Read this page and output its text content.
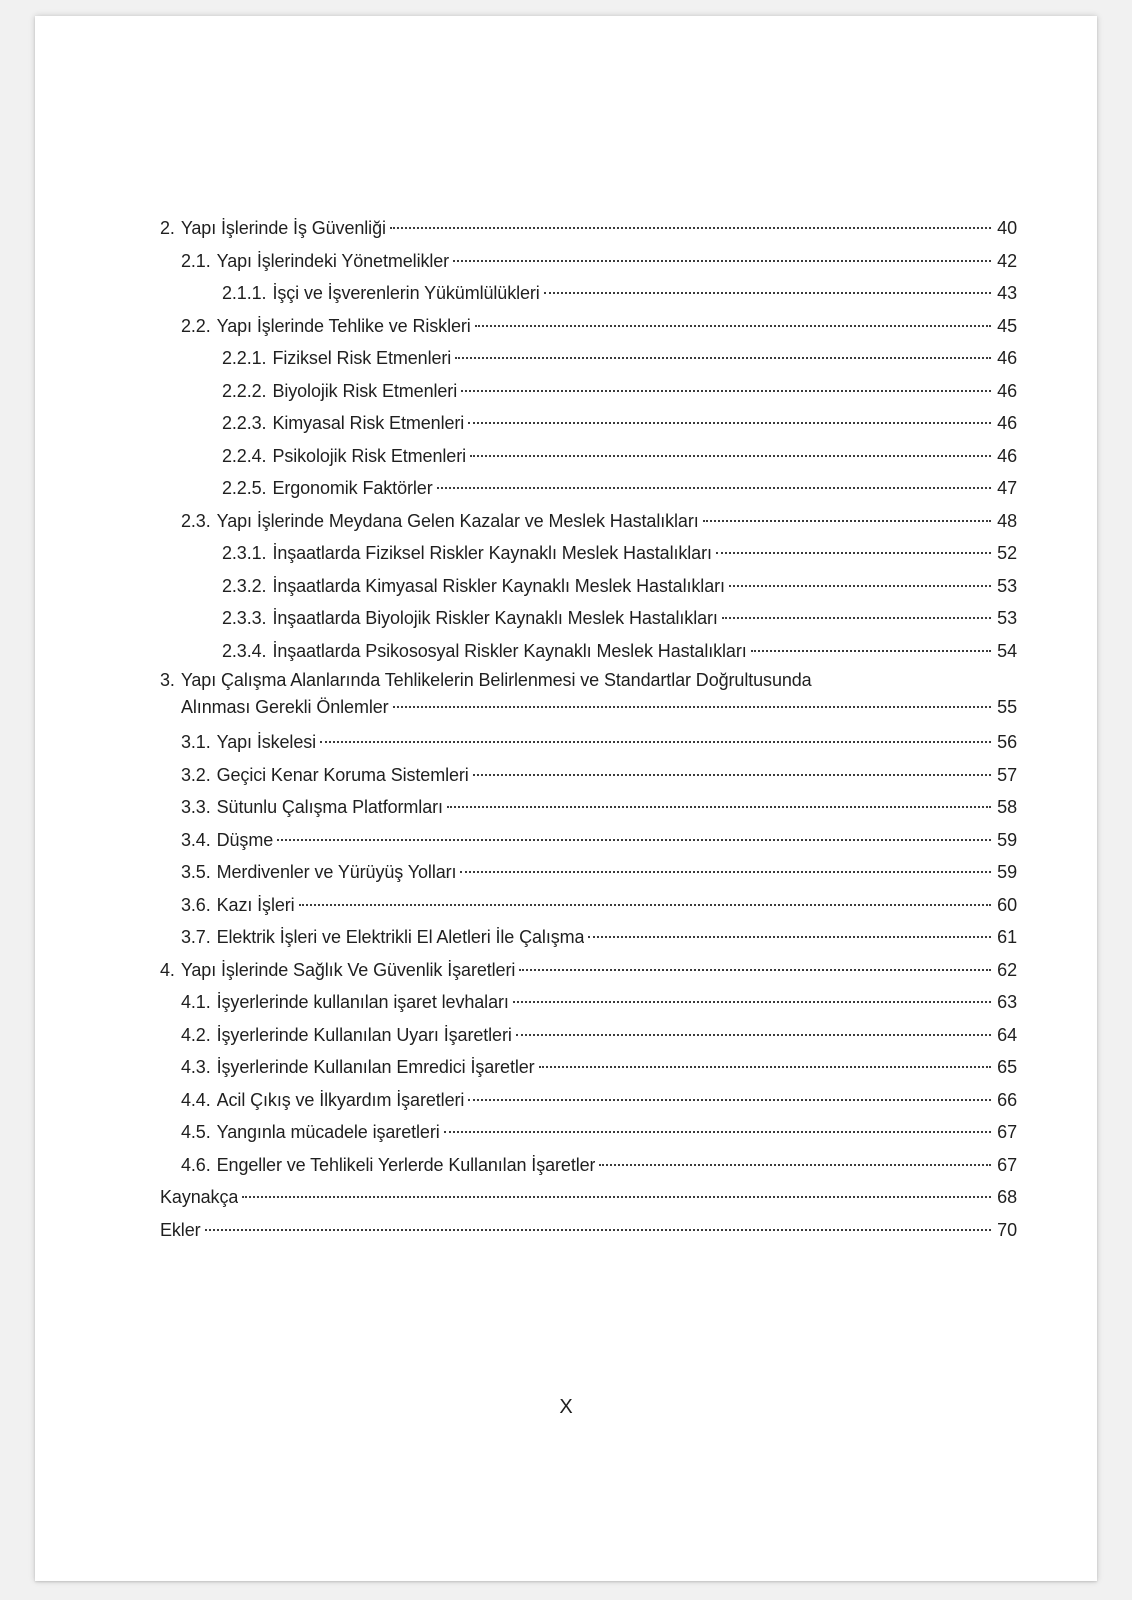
2. Yapı İşlerinde İş Güvenliği	40
2.1. Yapı İşlerindeki Yönetmelikler	42
2.1.1. İşçi ve İşverenlerin Yükümlülükleri	43
2.2. Yapı İşlerinde Tehlike ve Riskleri	45
2.2.1. Fiziksel Risk Etmenleri	46
2.2.2. Biyolojik Risk Etmenleri	46
2.2.3. Kimyasal Risk Etmenleri	46
2.2.4. Psikolojik Risk Etmenleri	46
2.2.5. Ergonomik Faktörler	47
2.3. Yapı İşlerinde Meydana Gelen Kazalar ve Meslek Hastalıkları	48
2.3.1. İnşaatlarda Fiziksel Riskler Kaynaklı Meslek Hastalıkları	52
2.3.2. İnşaatlarda Kimyasal Riskler Kaynaklı Meslek Hastalıkları	53
2.3.3. İnşaatlarda Biyolojik Riskler Kaynaklı Meslek Hastalıkları	53
2.3.4. İnşaatlarda Psikososyal Riskler Kaynaklı Meslek Hastalıkları	54
3. Yapı Çalışma Alanlarında Tehlikelerin Belirlenmesi ve Standartlar Doğrultusunda
Alınması Gerekli Önlemler	55
3.1. Yapı İskelesi	56
3.2. Geçici Kenar Koruma Sistemleri	57
3.3. Sütunlu Çalışma Platformları	58
3.4. Düşme	59
3.5. Merdivenler ve Yürüyüş Yolları	59
3.6. Kazı İşleri	60
3.7. Elektrik İşleri ve Elektrikli El Aletleri İle Çalışma	61
4. Yapı İşlerinde Sağlık Ve Güvenlik İşaretleri	62
4.1. İşyerlerinde kullanılan işaret levhaları	63
4.2. İşyerlerinde Kullanılan Uyarı İşaretleri	64
4.3. İşyerlerinde Kullanılan Emredici İşaretler	65
4.4. Acil Çıkış ve İlkyardım İşaretleri	66
4.5. Yangınla mücadele işaretleri	67
4.6. Engeller ve Tehlikeli Yerlerde Kullanılan İşaretler	67
Kaynakça	68
Ekler	70
X
